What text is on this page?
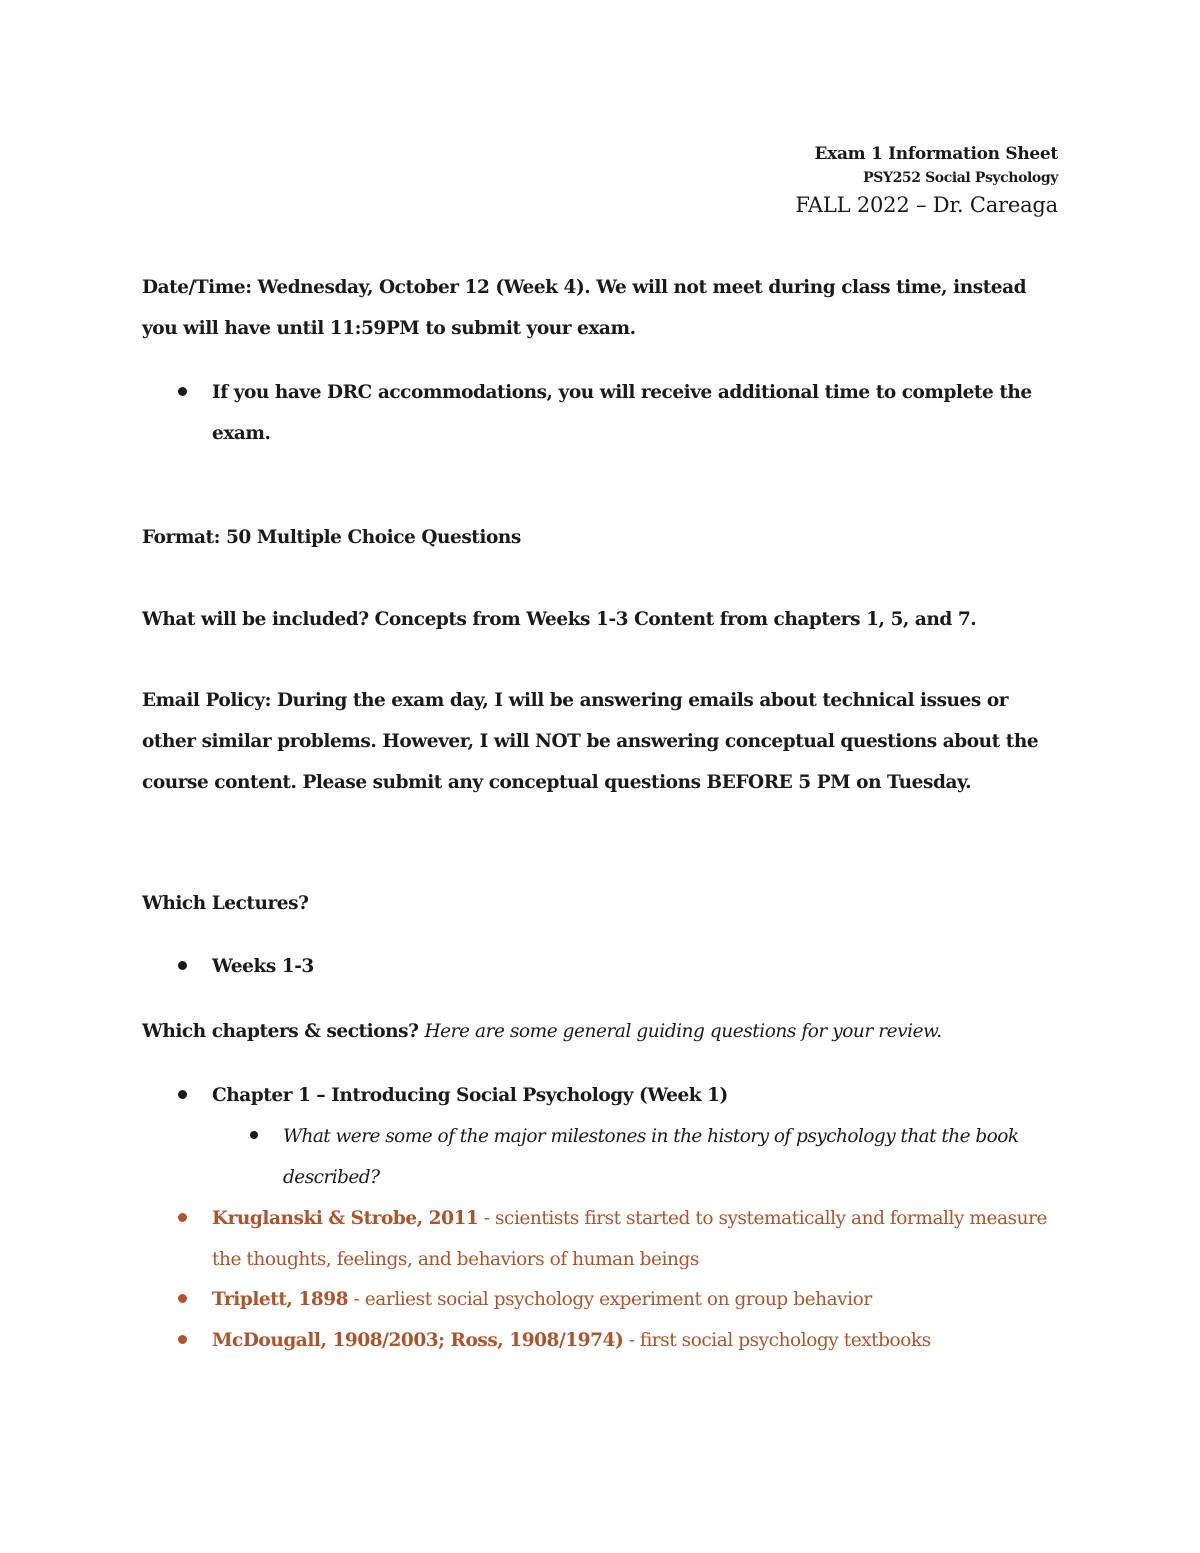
Exam 1 Information Sheet
PSY252 Social Psychology
FALL 2022 – Dr. Careaga
Date/Time: Wednesday, October 12 (Week 4). We will not meet during class time, instead you will have until 11:59PM to submit your exam.
If you have DRC accommodations, you will receive additional time to complete the exam.
Format: 50 Multiple Choice Questions
What will be included? Concepts from Weeks 1-3 Content from chapters 1, 5, and 7.
Email Policy: During the exam day, I will be answering emails about technical issues or other similar problems. However, I will NOT be answering conceptual questions about the course content. Please submit any conceptual questions BEFORE 5 PM on Tuesday.
Which Lectures?
Weeks 1-3
Which chapters & sections? Here are some general guiding questions for your review.
Chapter 1 – Introducing Social Psychology (Week 1)
What were some of the major milestones in the history of psychology that the book described?
Kruglanski & Strobe, 2011 - scientists first started to systematically and formally measure the thoughts, feelings, and behaviors of human beings
Triplett, 1898 - earliest social psychology experiment on group behavior
McDougall, 1908/2003; Ross, 1908/1974) - first social psychology textbooks
